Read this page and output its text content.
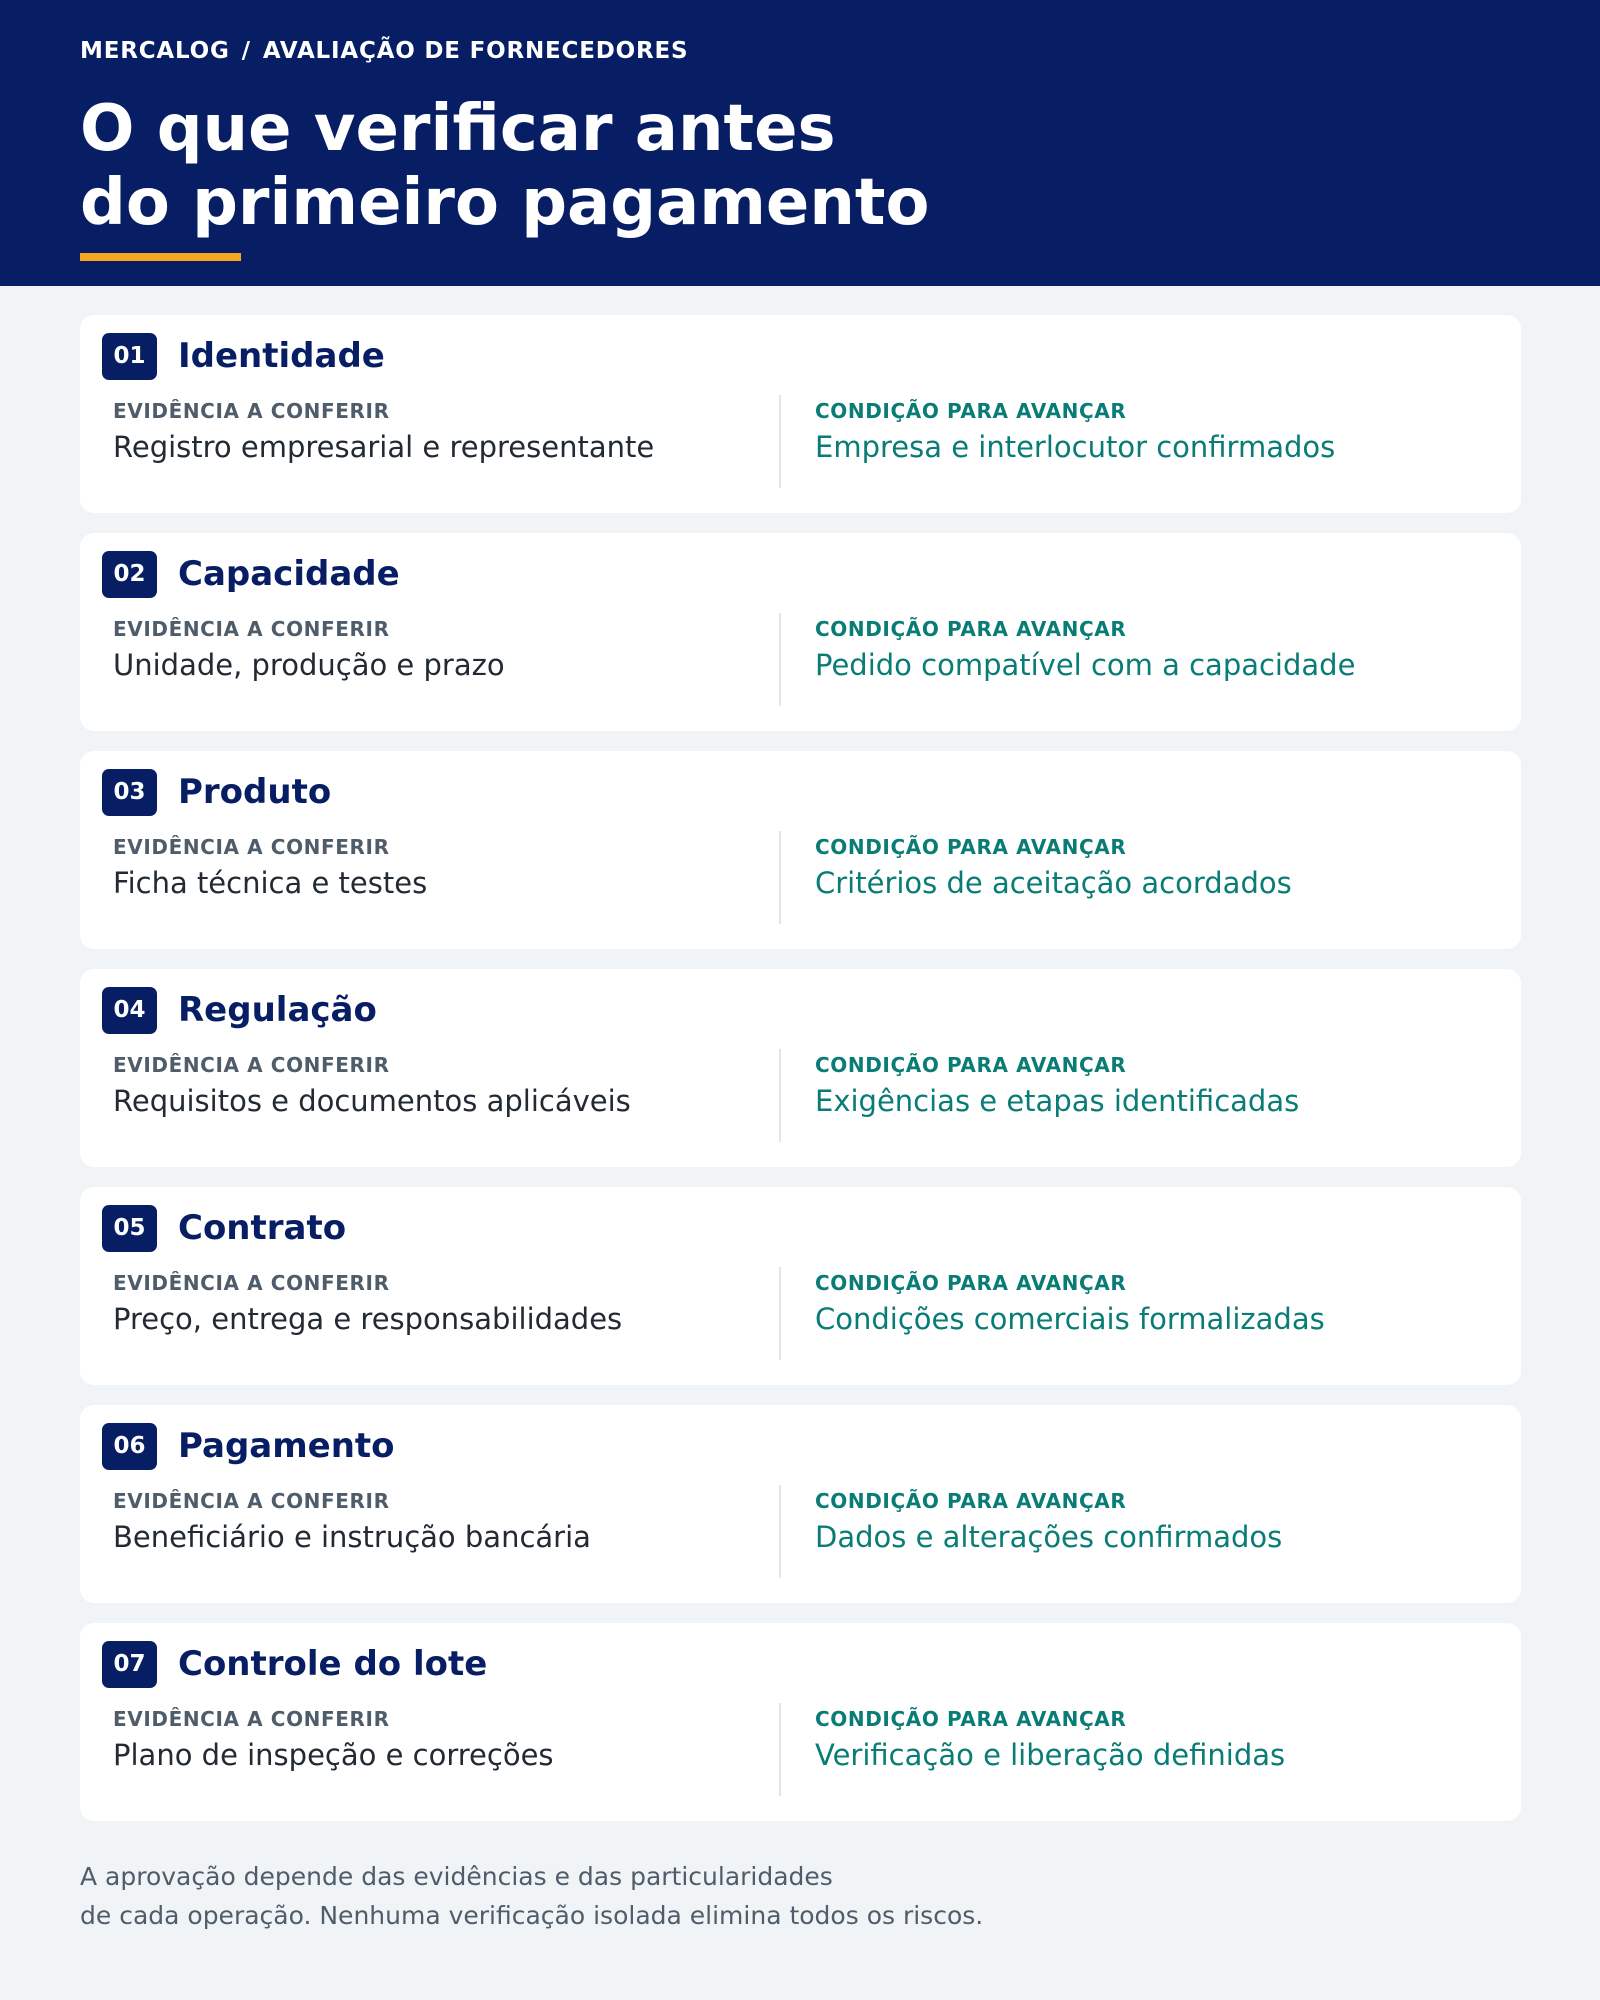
MERCALOG / AVALIAÇÃO DE FORNECEDORES
O que verificar antes
do primeiro pagamento
01 Identidade
EVIDÊNCIA A CONFERIR
Registro empresarial e representante
CONDIÇÃO PARA AVANÇAR
Empresa e interlocutor confirmados
02 Capacidade
EVIDÊNCIA A CONFERIR
Unidade, produção e prazo
CONDIÇÃO PARA AVANÇAR
Pedido compatível com a capacidade
03 Produto
EVIDÊNCIA A CONFERIR
Ficha técnica e testes
CONDIÇÃO PARA AVANÇAR
Critérios de aceitação acordados
04 Regulação
EVIDÊNCIA A CONFERIR
Requisitos e documentos aplicáveis
CONDIÇÃO PARA AVANÇAR
Exigências e etapas identificadas
05 Contrato
EVIDÊNCIA A CONFERIR
Preço, entrega e responsabilidades
CONDIÇÃO PARA AVANÇAR
Condições comerciais formalizadas
06 Pagamento
EVIDÊNCIA A CONFERIR
Beneficiário e instrução bancária
CONDIÇÃO PARA AVANÇAR
Dados e alterações confirmados
07 Controle do lote
EVIDÊNCIA A CONFERIR
Plano de inspeção e correções
CONDIÇÃO PARA AVANÇAR
Verificação e liberação definidas

A aprovação depende das evidências e das particularidades
de cada operação. Nenhuma verificação isolada elimina todos os riscos.
